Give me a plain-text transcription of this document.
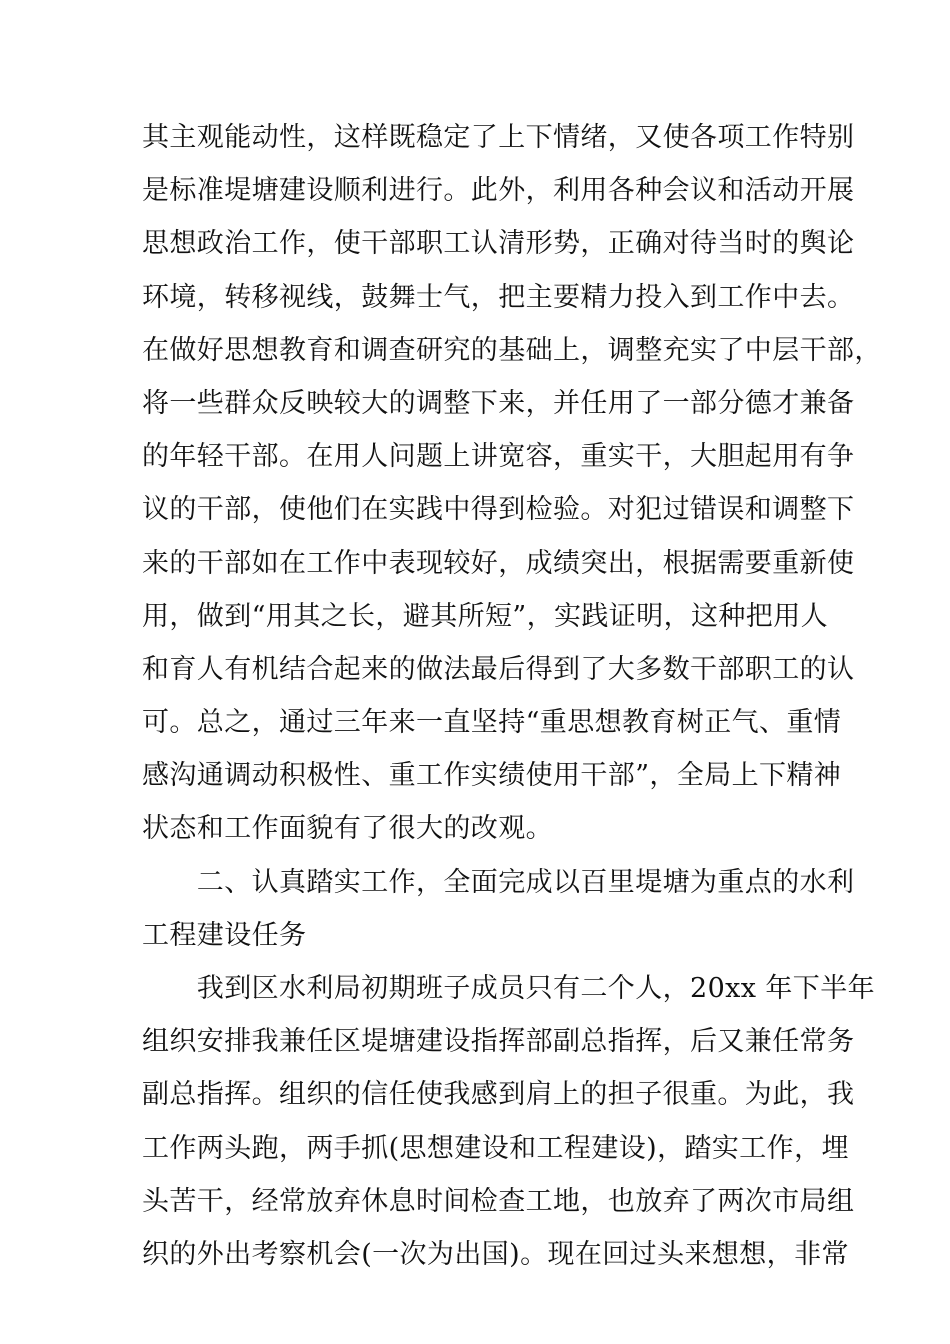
其主观能动性，这样既稳定了上下情绪，又使各项工作特别
是标准堤塘建设顺利进行。此外，利用各种会议和活动开展
思想政治工作，使干部职工认清形势，正确对待当时的舆论
环境，转移视线，鼓舞士气，把主要精力投入到工作中去。
在做好思想教育和调查研究的基础上，调整充实了中层干部，
将一些群众反映较大的调整下来，并任用了一部分德才兼备
的年轻干部。在用人问题上讲宽容，重实干，大胆起用有争
议的干部，使他们在实践中得到检验。对犯过错误和调整下
来的干部如在工作中表现较好，成绩突出，根据需要重新使
用，做到“用其之长，避其所短”，实践证明，这种把用人
和育人有机结合起来的做法最后得到了大多数干部职工的认
可。总之，通过三年来一直坚持“重思想教育树正气、重情
感沟通调动积极性、重工作实绩使用干部”，全局上下精神
状态和工作面貌有了很大的改观。
　　二、认真踏实工作，全面完成以百里堤塘为重点的水利
工程建设任务
　　我到区水利局初期班子成员只有二个人，20xx 年下半年
组织安排我兼任区堤塘建设指挥部副总指挥，后又兼任常务
副总指挥。组织的信任使我感到肩上的担子很重。为此，我
工作两头跑，两手抓(思想建设和工程建设)，踏实工作，埋
头苦干，经常放弃休息时间检查工地，也放弃了两次市局组
织的外出考察机会(一次为出国)。现在回过头来想想，非常
